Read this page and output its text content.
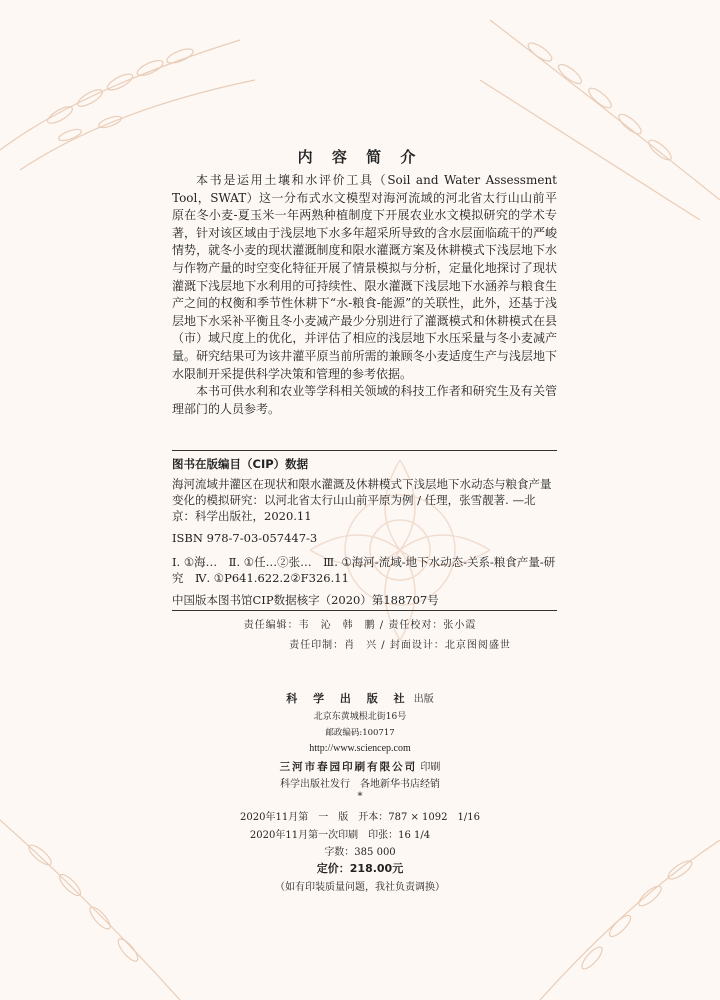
内 容 简 介

本书是运用土壤和水评价工具（Soil and Water Assessment Tool，SWAT）这一分布式水文模型对海河流域的河北省太行山山前平原在冬小麦-夏玉米一年两熟种植制度下开展农业水文模拟研究的学术专著，针对该区域由于浅层地下水多年超采所导致的含水层面临疏干的严峻情势，就冬小麦的现状灌溉制度和限水灌溉方案及休耕模式下浅层地下水与作物产量的时空变化特征开展了情景模拟与分析，定量化地探讨了现状灌溉下浅层地下水利用的可持续性、限水灌溉下浅层地下水涵养与粮食生产之间的权衡和季节性休耕下“水-粮食-能源”的关联性，此外，还基于浅层地下水采补平衡且冬小麦减产最少分别进行了灌溉模式和休耕模式在县（市）域尺度上的优化，并评估了相应的浅层地下水压采量与冬小麦减产量。研究结果可为该井灌平原当前所需的兼顾冬小麦适度生产与浅层地下水限制开采提供科学决策和管理的参考依据。

本书可供水利和农业等学科相关领域的科技工作者和研究生及有关管理部门的人员参考。

图书在版编目（CIP）数据
海河流域井灌区在现状和限水灌溉及休耕模式下浅层地下水动态与粮食产量变化的模拟研究：以河北省太行山山前平原为例 / 任理，张雪靓著. —北京：科学出版社，2020.11
ISBN 978-7-03-057447-3
Ⅰ. ①海…　Ⅱ. ①任…②张…　Ⅲ. ①海河-流域-地下水动态-关系-粮食产量-研究　Ⅳ. ①P641.622.2②F326.11
中国版本图书馆CIP数据核字（2020）第188707号
责任编辑：韦　沁　韩　鹏 / 责任校对：张小霞
责任印制：肖　兴 / 封面设计：北京图阅盛世
科 学 出 版 社 出版
北京东黄城根北街16号
邮政编码:100717
http://www.sciencep.com
三河市春园印刷有限公司 印刷
科学出版社发行　各地新华书店经销
*
2020年11月第　一　版　开本：787 × 1092　1/16
2020年11月第一次印刷　印张：16 1/4
字数：385 000
定价：218.00元
（如有印装质量问题，我社负责调换）
